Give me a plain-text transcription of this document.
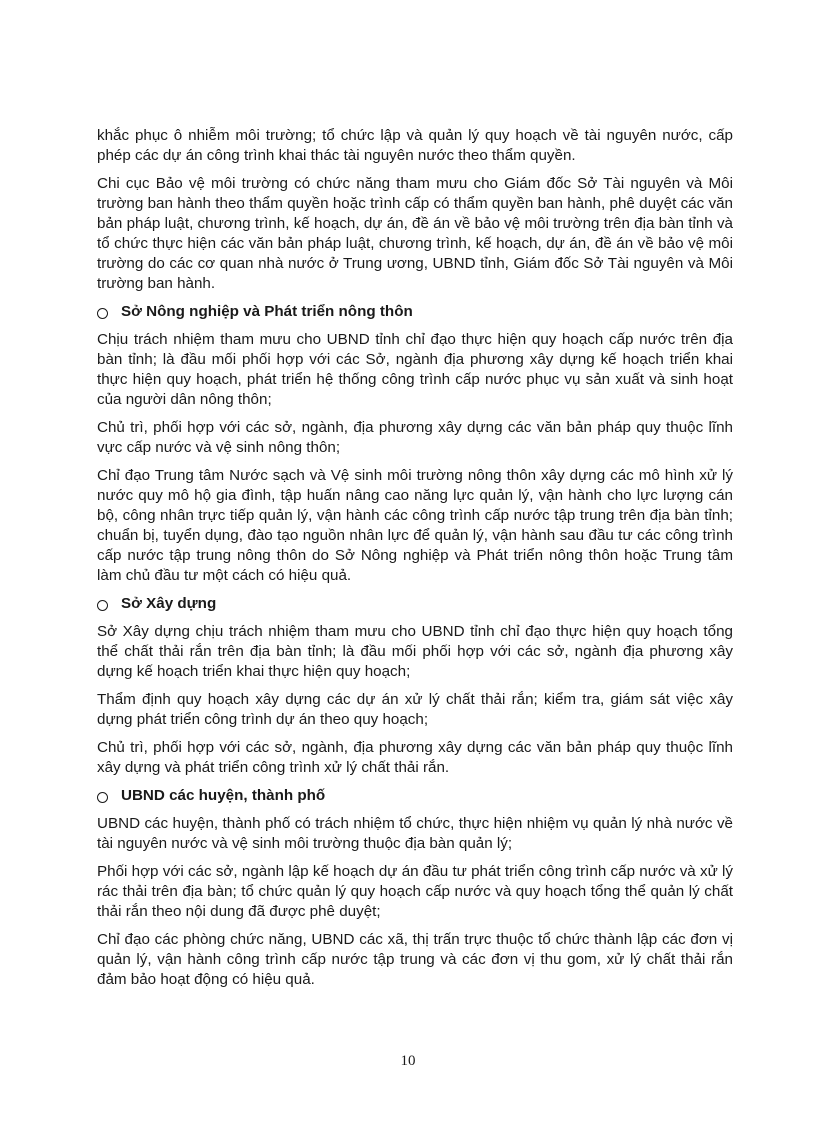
khắc phục ô nhiễm môi trường; tổ chức lập và quản lý quy hoạch về tài nguyên nước, cấp phép các dự án công trình khai thác tài nguyên nước theo thẩm quyền.

Chi cục Bảo vệ môi trường có chức năng tham mưu cho Giám đốc Sở Tài nguyên và Môi trường ban hành theo thẩm quyền hoặc trình cấp có thẩm quyền ban hành, phê duyệt các văn bản pháp luật, chương trình, kế hoạch, dự án, đề án về bảo vệ môi trường trên địa bàn tỉnh và tổ chức thực hiện các văn bản pháp luật, chương trình, kế hoạch, dự án, đề án về bảo vệ môi trường do các cơ quan nhà nước ở Trung ương, UBND tỉnh, Giám đốc Sở Tài nguyên và Môi trường ban hành.

Sở Nông nghiệp và Phát triển nông thôn

Chịu trách nhiệm tham mưu cho UBND tỉnh chỉ đạo thực hiện quy hoạch cấp nước trên địa bàn tỉnh; là đầu mối phối hợp với các Sở, ngành địa phương xây dựng kế hoạch triển khai thực hiện quy hoạch, phát triển hệ thống công trình cấp nước phục vụ sản xuất và sinh hoạt của người dân nông thôn;

Chủ trì, phối hợp với các sở, ngành, địa phương xây dựng các văn bản pháp quy thuộc lĩnh vực cấp nước và vệ sinh nông thôn;

Chỉ đạo Trung tâm Nước sạch và Vệ sinh môi trường nông thôn xây dựng các mô hình xử lý nước quy mô hộ gia đình, tập huấn nâng cao năng lực quản lý, vận hành cho lực lượng cán bộ, công nhân trực tiếp quản lý, vận hành các công trình cấp nước tập trung trên địa bàn tỉnh; chuẩn bị, tuyển dụng, đào tạo nguồn nhân lực để quản lý, vận hành sau đầu tư các công trình cấp nước tập trung nông thôn do Sở Nông nghiệp và Phát triển nông thôn hoặc Trung tâm làm chủ đầu tư một cách có hiệu quả.

Sở Xây dựng

Sở Xây dựng chịu trách nhiệm tham mưu cho UBND tỉnh chỉ đạo thực hiện quy hoạch tổng thể chất thải rắn trên địa bàn tỉnh; là đầu mối phối hợp với các sở, ngành địa phương xây dựng kế hoạch triển khai thực hiện quy hoạch;

Thẩm định quy hoạch xây dựng các dự án xử lý chất thải rắn; kiểm tra, giám sát việc xây dựng phát triển công trình dự án theo quy hoạch;

Chủ trì, phối hợp với các sở, ngành, địa phương xây dựng các văn bản pháp quy thuộc lĩnh xây dựng và phát triển công trình xử lý chất thải rắn.

UBND các huyện, thành phố

UBND các huyện, thành phố có trách nhiệm tổ chức, thực hiện nhiệm vụ quản lý nhà nước về tài nguyên nước và vệ sinh môi trường thuộc địa bàn quản lý;

Phối hợp với các sở, ngành lập kế hoạch dự án đầu tư phát triển công trình cấp nước và xử lý rác thải trên địa bàn; tổ chức quản lý quy hoạch cấp nước và quy hoạch tổng thể quản lý chất thải rắn theo nội dung đã được phê duyệt;

Chỉ đạo các phòng chức năng, UBND các xã, thị trấn trực thuộc tổ chức thành lập các đơn vị quản lý, vận hành công trình cấp nước tập trung và các đơn vị thu gom, xử lý chất thải rắn đảm bảo hoạt động có hiệu quả.

10
